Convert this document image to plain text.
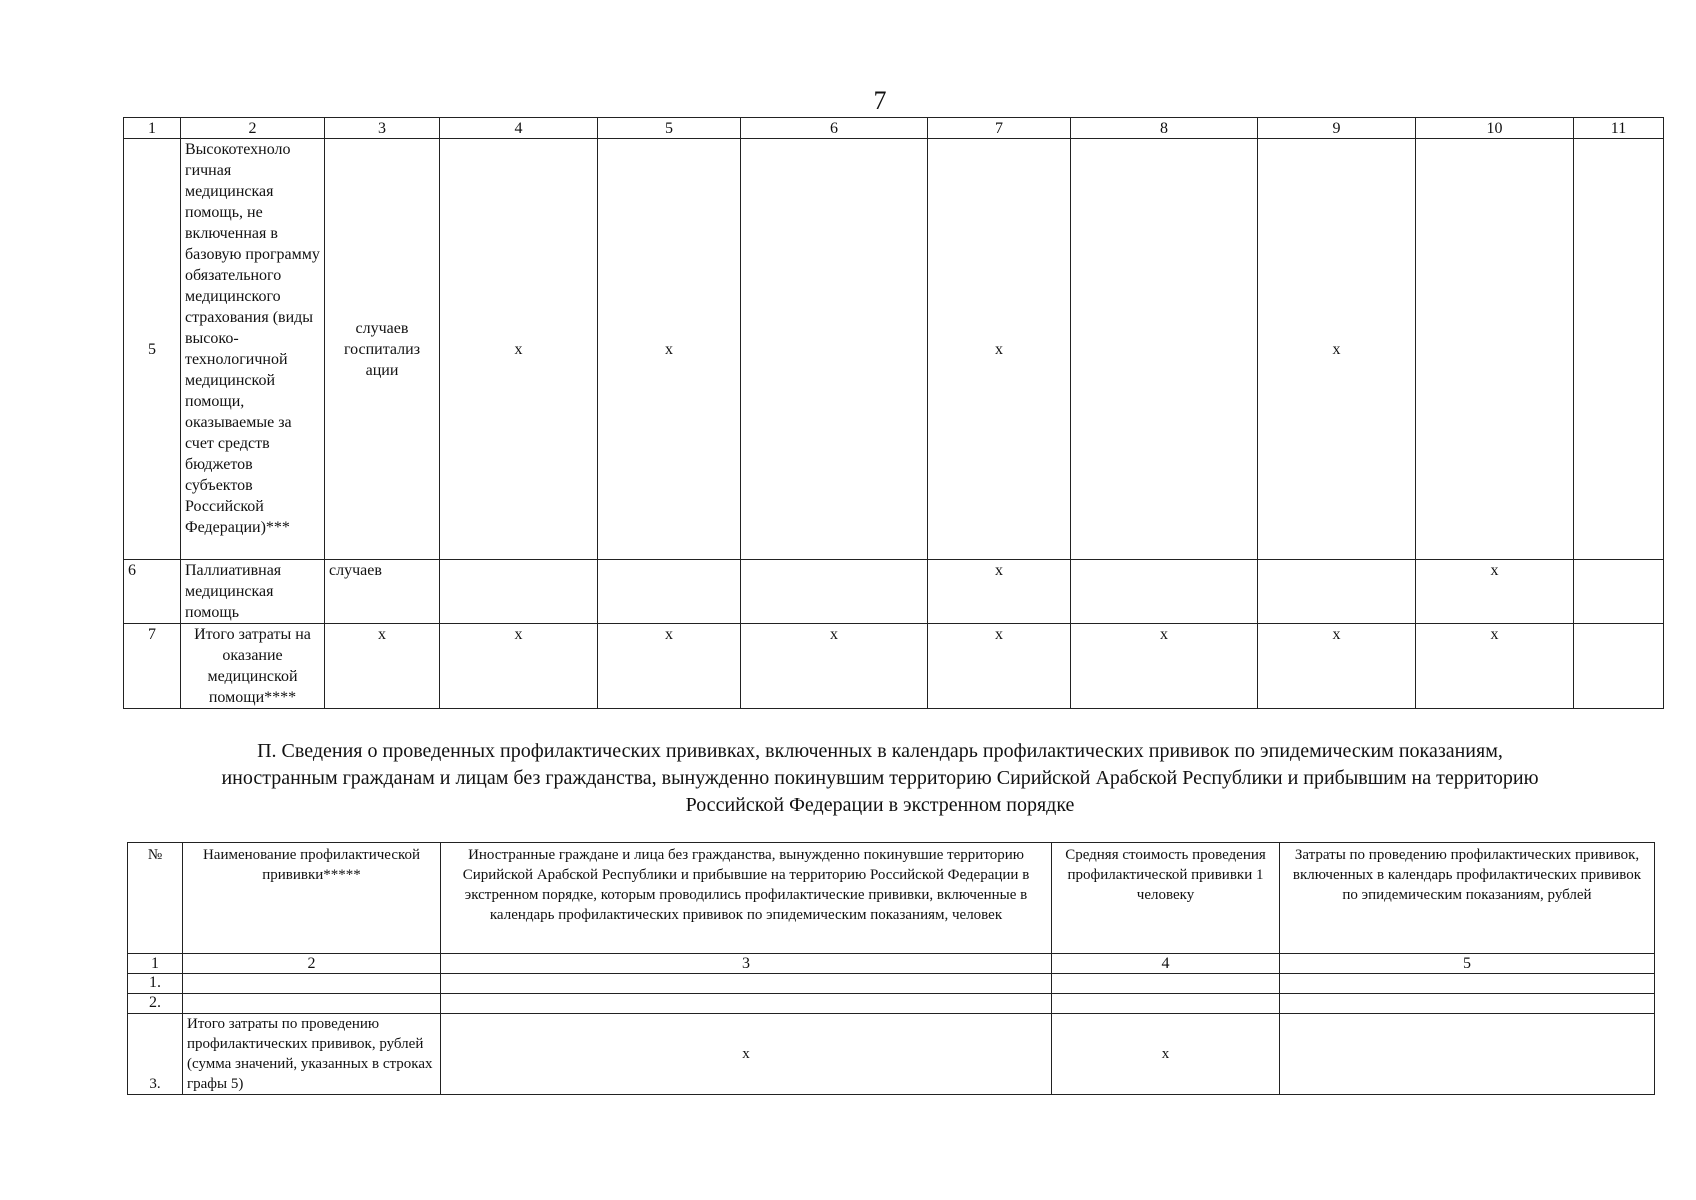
7
1	2	3	4	5	6	7	8	9	10	11
5	Высокотехноло гичная медицинская помощь, не включенная в базовую программу обязательного медицинского страхования (виды высоко-технологичной медицинской помощи, оказываемые за счет средств бюджетов субъектов Российской Федерации)***	случаев госпитализ ации	x	x		x		x		
6	Паллиативная медицинская помощь	случаев				x			x	
7	Итого затраты на оказание медицинской помощи****	x	x	x	x	x	x	x	x	
П. Сведения о проведенных профилактических прививках, включенных в календарь профилактических прививок по эпидемическим показаниям,
иностранным гражданам и лицам без гражданства, вынужденно покинувшим территорию Сирийской Арабской Республики и прибывшим на территорию
Российской Федерации в экстренном порядке
№	Наименование профилактической прививки*****	Иностранные граждане и лица без гражданства, вынужденно покинувшие территорию Сирийской Арабской Республики и прибывшие на территорию Российской Федерации в экстренном порядке, которым проводились профилактические прививки, включенные в календарь профилактических прививок по эпидемическим показаниям, человек	Средняя стоимость проведения профилактической прививки 1 человеку	Затраты по проведению профилактических прививок, включенных в календарь профилактических прививок по эпидемическим показаниям, рублей
1	2	3	4	5
1.				
2.				
3.	Итого затраты по проведению профилактических прививок, рублей (сумма значений, указанных в строках графы 5)	x	x	
